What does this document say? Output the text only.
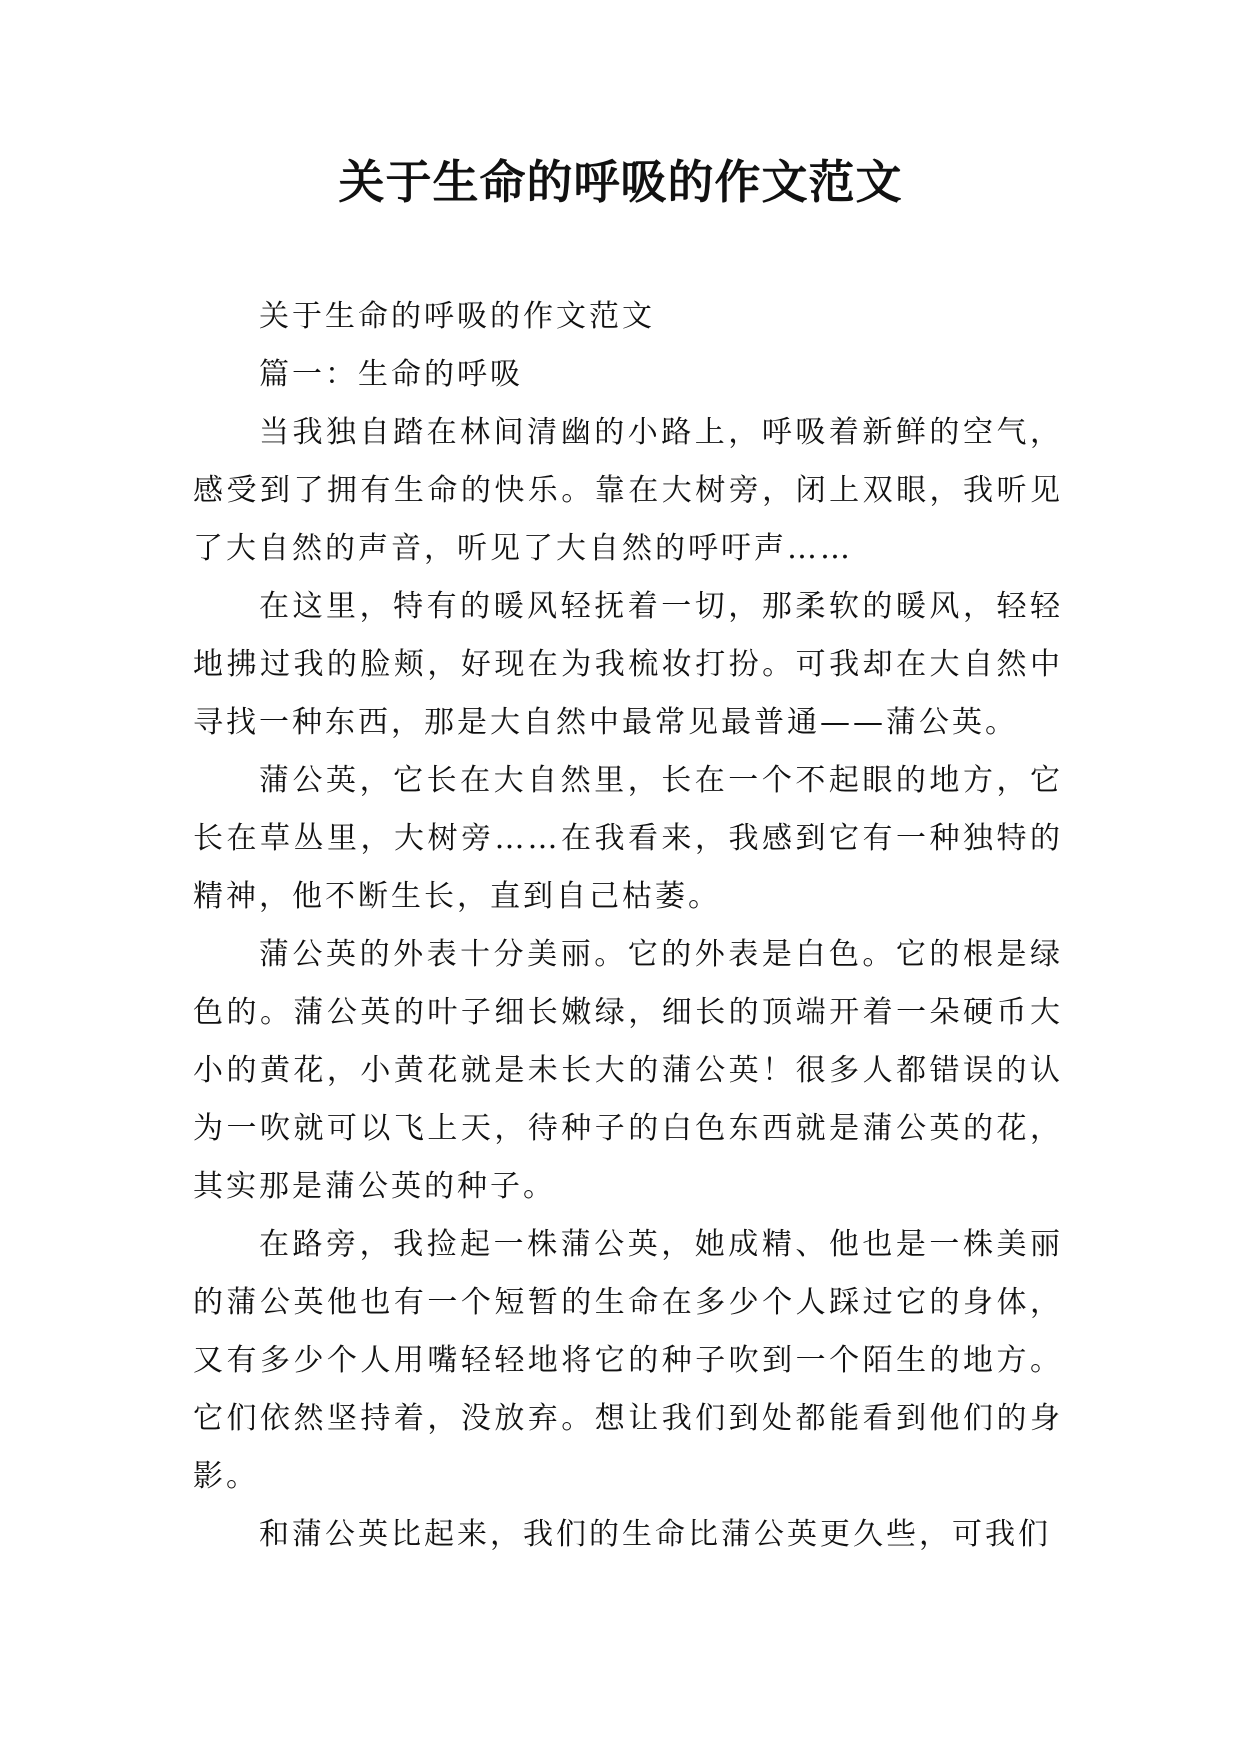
关于生命的呼吸的作文范文

关于生命的呼吸的作文范文

篇一：生命的呼吸

当我独自踏在林间清幽的小路上，呼吸着新鲜的空气，感受到了拥有生命的快乐。靠在大树旁，闭上双眼，我听见了大自然的声音，听见了大自然的呼吁声……

在这里，特有的暖风轻抚着一切，那柔软的暖风，轻轻地拂过我的脸颊，好现在为我梳妆打扮。可我却在大自然中寻找一种东西，那是大自然中最常见最普通——蒲公英。

蒲公英，它长在大自然里，长在一个不起眼的地方，它长在草丛里，大树旁……在我看来，我感到它有一种独特的精神，他不断生长，直到自己枯萎。

蒲公英的外表十分美丽。它的外表是白色。它的根是绿色的。蒲公英的叶子细长嫩绿，细长的顶端开着一朵硬币大小的黄花，小黄花就是未长大的蒲公英！很多人都错误的认为一吹就可以飞上天，待种子的白色东西就是蒲公英的花，其实那是蒲公英的种子。

在路旁，我捡起一株蒲公英，她成精、他也是一株美丽的蒲公英他也有一个短暂的生命在多少个人踩过它的身体，又有多少个人用嘴轻轻地将它的种子吹到一个陌生的地方。它们依然坚持着，没放弃。想让我们到处都能看到他们的身影。

和蒲公英比起来，我们的生命比蒲公英更久些，可我们
